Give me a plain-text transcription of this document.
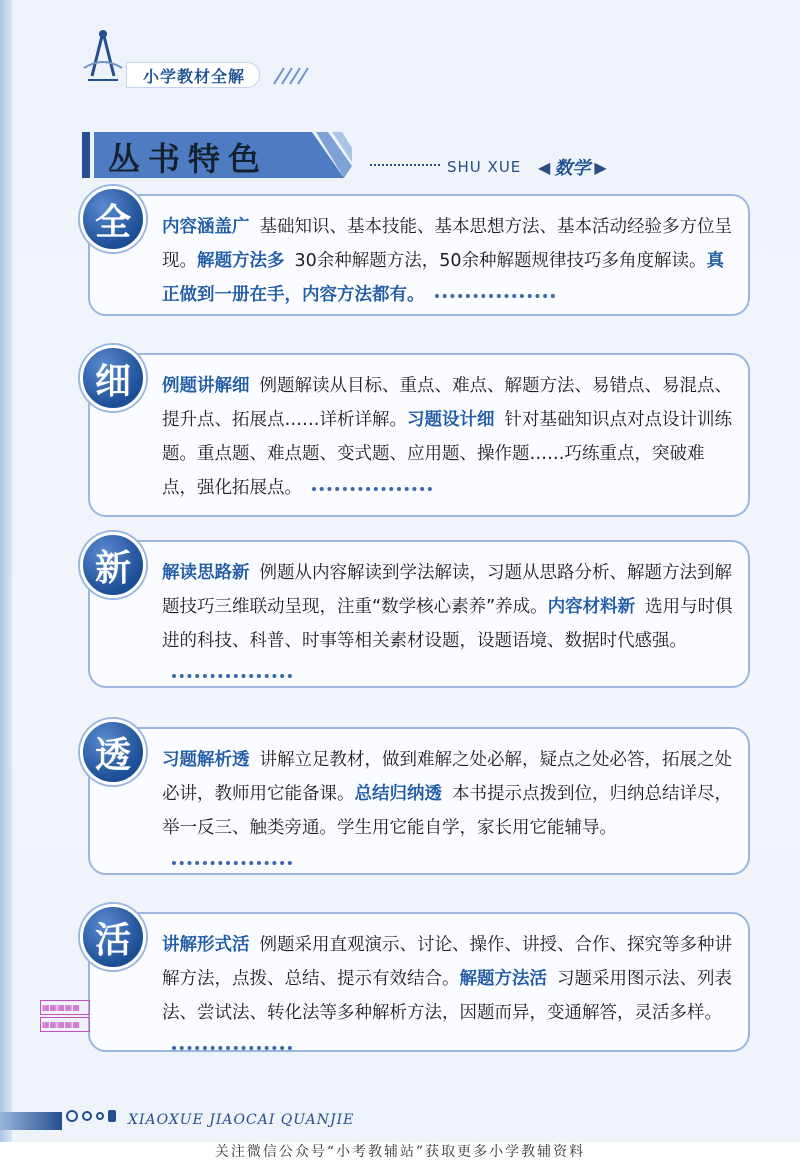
小学教材全解
丛书特色	SHU XUE ◀ 数学 ▶
内容涵盖广 基础知识、基本技能、基本思想方法、基本活动经验多方位呈现。解题方法多 30余种解题方法，50余种解题规律技巧多角度解读。真正做到一册在手，内容方法都有。
全
例题讲解细 例题解读从目标、重点、难点、解题方法、易错点、易混点、提升点、拓展点……详析详解。习题设计细 针对基础知识点对点设计训练题。重点题、难点题、变式题、应用题、操作题……巧练重点，突破难点，强化拓展点。
细
解读思路新 例题从内容解读到学法解读，习题从思路分析、解题方法到解题技巧三维联动呈现，注重“数学核心素养”养成。内容材料新 选用与时俱进的科技、科普、时事等相关素材设题，设题语境、数据时代感强。
新
习题解析透 讲解立足教材，做到难解之处必解，疑点之处必答，拓展之处必讲，教师用它能备课。总结归纳透 本书提示点拨到位，归纳总结详尽，举一反三、触类旁通。学生用它能自学，家长用它能辅导。
透
讲解形式活 例题采用直观演示、讨论、操作、讲授、合作、探究等多种讲解方法，点拨、总结、提示有效结合。解题方法活 习题采用图示法、列表法、尝试法、转化法等多种解析方法，因题而异，变通解答，灵活多样。
活
▦▦▦▦▦
▦▦▦▦▦
XIAOXUE JIAOCAI QUANJIE
关注微信公众号“小考教辅站”获取更多小学教辅资料
